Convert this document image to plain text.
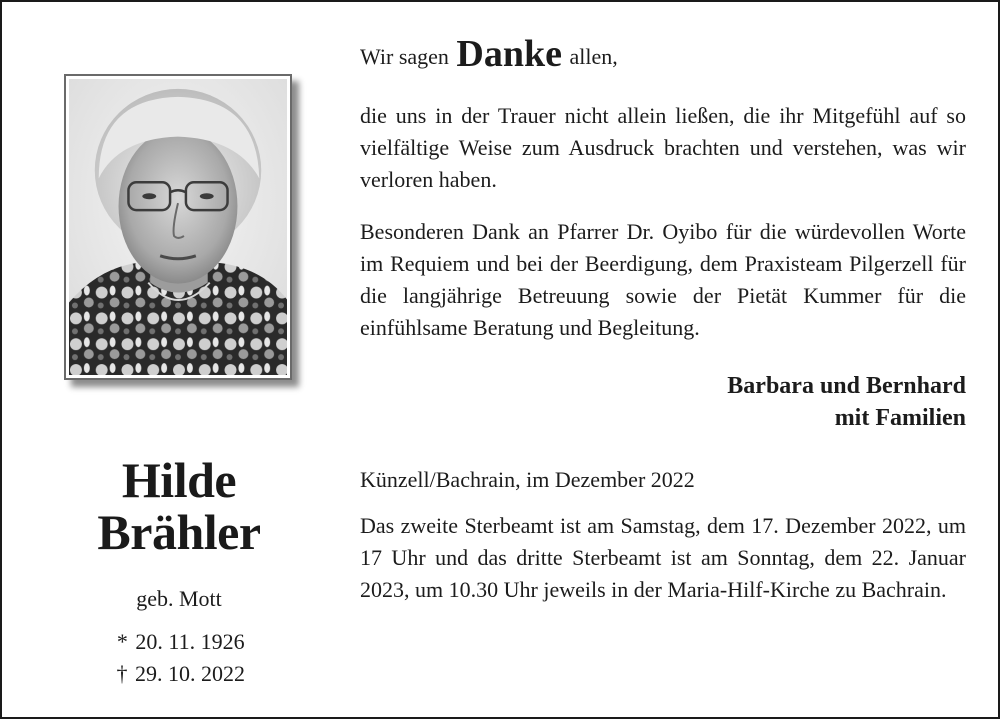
Hilde
Brähler
geb. Mott
* 20. 11. 1926
† 29. 10. 2022
Wir sagen Danke allen,

die uns in der Trauer nicht allein ließen, die ihr Mitgefühl auf so vielfältige Weise zum Ausdruck brachten und verstehen, was wir verloren haben.

Besonderen Dank an Pfarrer Dr. Oyibo für die würdevollen Worte im Requiem und bei der Beerdigung, dem Praxisteam Pilgerzell für die langjährige Betreuung sowie der Pietät Kummer für die einfühlsame Beratung und Begleitung.

Barbara und Bernhard
mit Familien
Künzell/Bachrain, im Dezember 2022

Das zweite Sterbeamt ist am Samstag, dem 17. Dezember 2022, um 17 Uhr und das dritte Sterbeamt ist am Sonntag, dem 22. Januar 2023, um 10.30 Uhr jeweils in der Maria-Hilf-Kirche zu Bachrain.
